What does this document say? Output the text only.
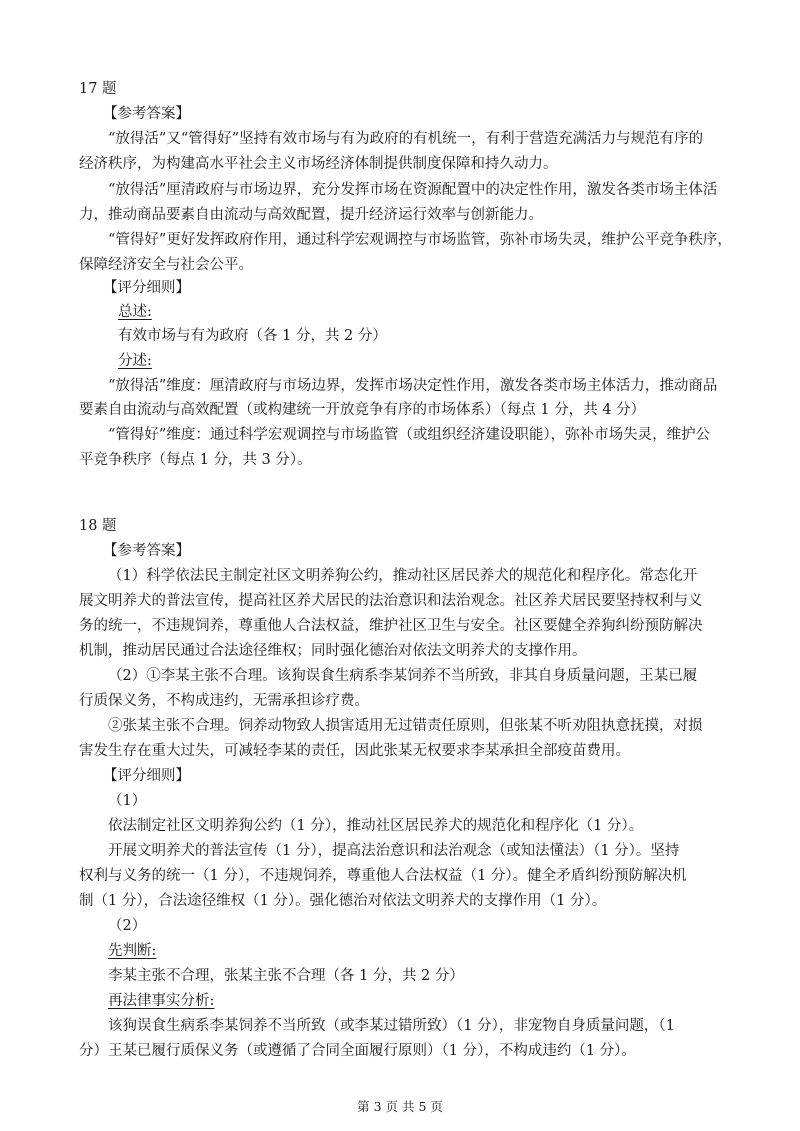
17 题
【参考答案】
“放得活”又“管得好”坚持有效市场与有为政府的有机统一，有利于营造充满活力与规范有序的
经济秩序，为构建高水平社会主义市场经济体制提供制度保障和持久动力。
“放得活”厘清政府与市场边界，充分发挥市场在资源配置中的决定性作用，激发各类市场主体活
力，推动商品要素自由流动与高效配置，提升经济运行效率与创新能力。
“管得好”更好发挥政府作用，通过科学宏观调控与市场监管，弥补市场失灵，维护公平竞争秩序，
保障经济安全与社会公平。
【评分细则】
总述:
有效市场与有为政府（各 1 分，共 2 分）
分述:
“放得活”维度：厘清政府与市场边界，发挥市场决定性作用，激发各类市场主体活力，推动商品
要素自由流动与高效配置（或构建统一开放竞争有序的市场体系）（每点 1 分，共 4 分）
“管得好”维度：通过科学宏观调控与市场监管（或组织经济建设职能），弥补市场失灵，维护公
平竞争秩序（每点 1 分，共 3 分）。
18 题
【参考答案】
（1）科学依法民主制定社区文明养狗公约，推动社区居民养犬的规范化和程序化。常态化开
展文明养犬的普法宣传，提高社区养犬居民的法治意识和法治观念。社区养犬居民要坚持权利与义
务的统一，不违规饲养，尊重他人合法权益，维护社区卫生与安全。社区要健全养狗纠纷预防解决
机制，推动居民通过合法途径维权；同时强化德治对依法文明养犬的支撑作用。
（2）①李某主张不合理。该狗误食生病系李某饲养不当所致，非其自身质量问题，王某已履
行质保义务，不构成违约，无需承担诊疗费。
②张某主张不合理。饲养动物致人损害适用无过错责任原则，但张某不听劝阻执意抚摸，对损
害发生存在重大过失，可减轻李某的责任，因此张某无权要求李某承担全部疫苗费用。
【评分细则】
（1）
依法制定社区文明养狗公约（1 分），推动社区居民养犬的规范化和程序化（1 分）。
开展文明养犬的普法宣传（1 分），提高法治意识和法治观念（或知法懂法）（1 分）。坚持
权利与义务的统一（1 分），不违规饲养，尊重他人合法权益（1 分）。健全矛盾纠纷预防解决机
制（1 分），合法途径维权（1 分）。强化德治对依法文明养犬的支撑作用（1 分）。
（2）
先判断:
李某主张不合理，张某主张不合理（各 1 分，共 2 分）
再法律事实分析:
该狗误食生病系李某饲养不当所致（或李某过错所致）（1 分），非宠物自身质量问题，（1
分）王某已履行质保义务（或遵循了合同全面履行原则）（1 分），不构成违约（1 分）。
第 3 页 共 5 页
